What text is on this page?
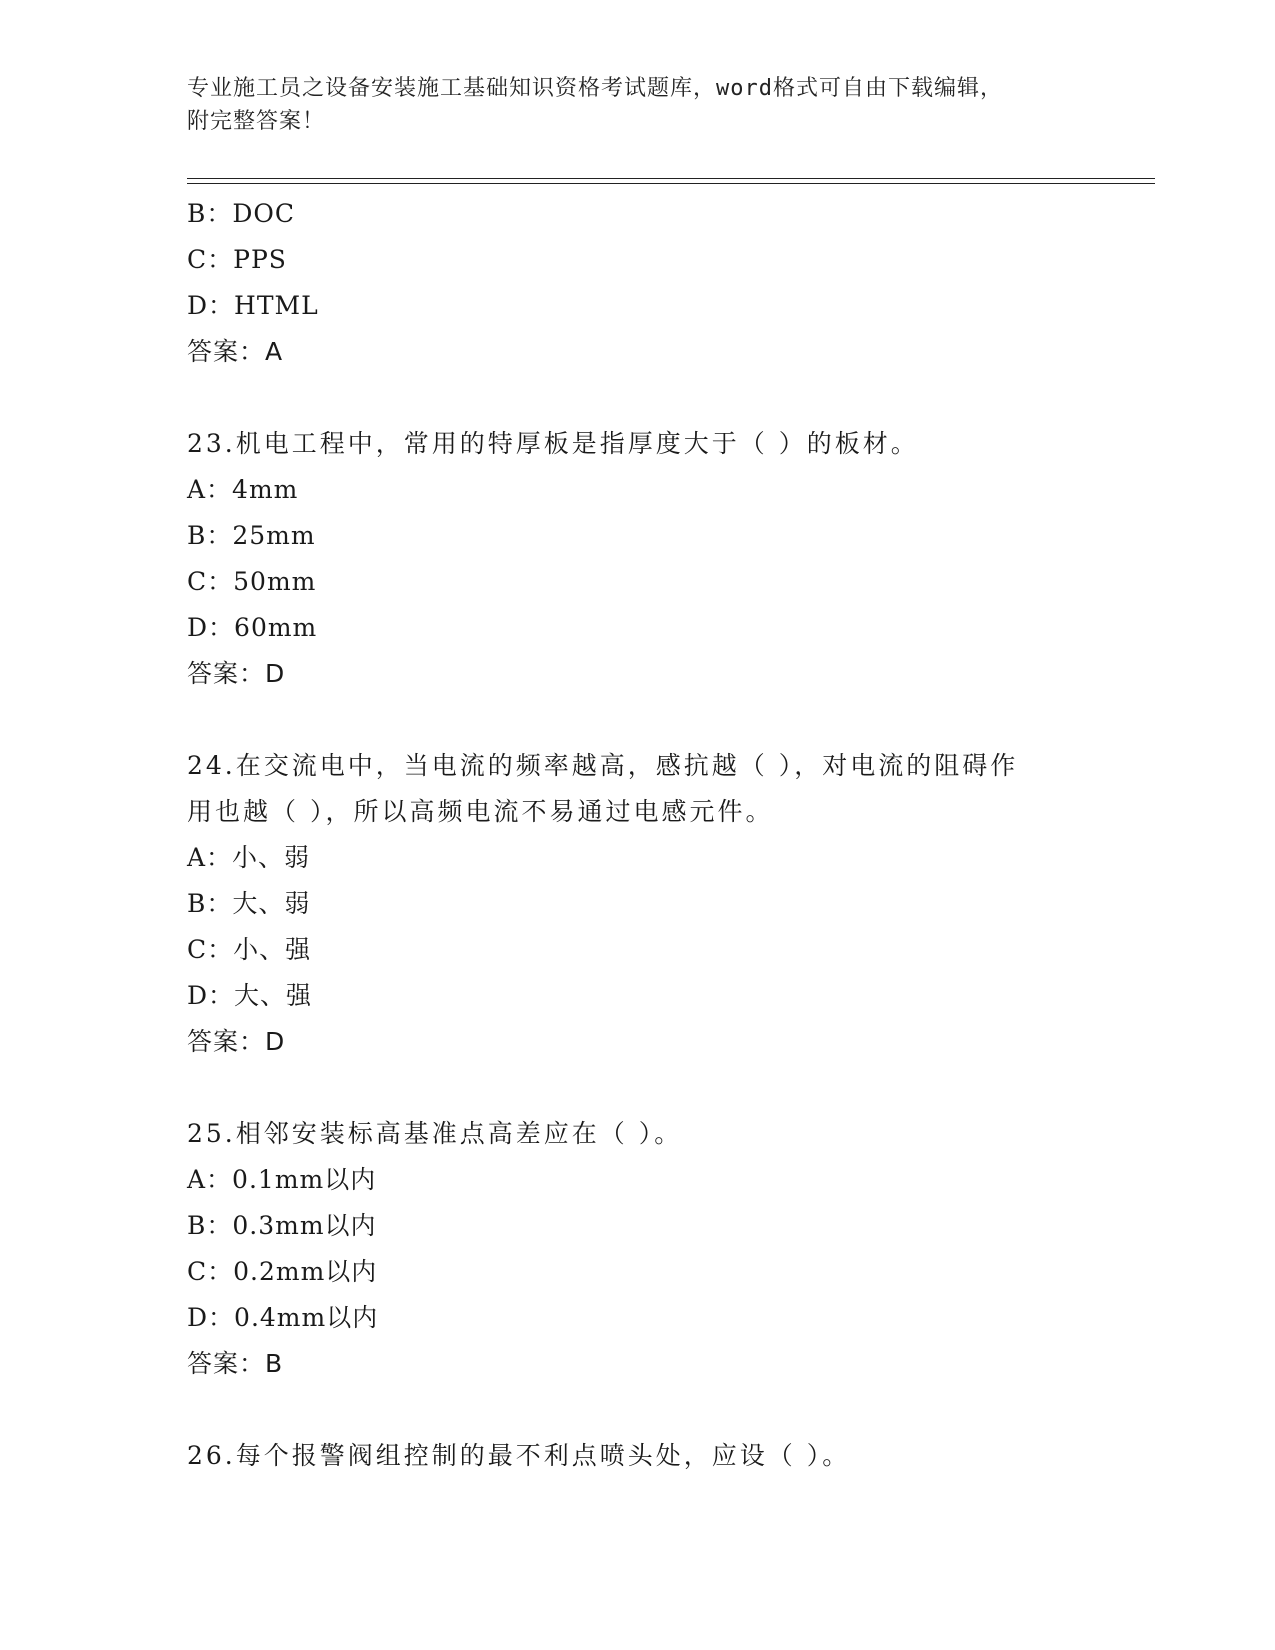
专业施工员之设备安装施工基础知识资格考试题库，word格式可自由下载编辑，
附完整答案！
B：DOC
C：PPS
D：HTML
答案：A
23.机电工程中，常用的特厚板是指厚度大于（ ）的板材。
A：4mm
B：25mm
C：50mm
D：60mm
答案：D
24.在交流电中，当电流的频率越高，感抗越（ ），对电流的阻碍作
用也越（ ），所以高频电流不易通过电感元件。
A：小、弱
B：大、弱
C：小、强
D：大、强
答案：D
25.相邻安装标高基准点高差应在（ ）。
A：0.1mm以内
B：0.3mm以内
C：0.2mm以内
D：0.4mm以内
答案：B
26.每个报警阀组控制的最不利点喷头处，应设（ ）。
